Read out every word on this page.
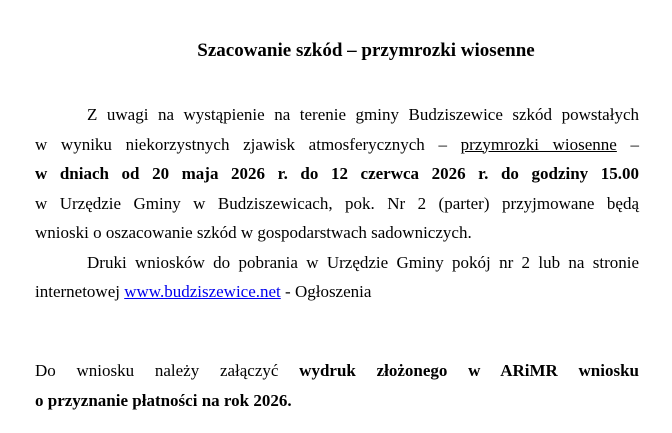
Szacowanie szkód – przymrozki wiosenne
Z uwagi na wystąpienie na terenie gminy Budziszewice szkód powstałych
w wyniku niekorzystnych zjawisk atmosferycznych – przymrozki wiosenne –
w dniach od 20 maja 2026 r. do 12 czerwca 2026 r. do godziny 15.00
w Urzędzie Gminy w Budziszewicach, pok. Nr 2 (parter) przyjmowane będą
wnioski o oszacowanie szkód w gospodarstwach sadowniczych.
Druki wniosków do pobrania w Urzędzie Gminy pokój nr 2 lub na stronie
internetowej www.budziszewice.net - Ogłoszenia
Do wniosku należy załączyć wydruk złożonego w ARiMR wniosku
o przyznanie płatności na rok 2026.
